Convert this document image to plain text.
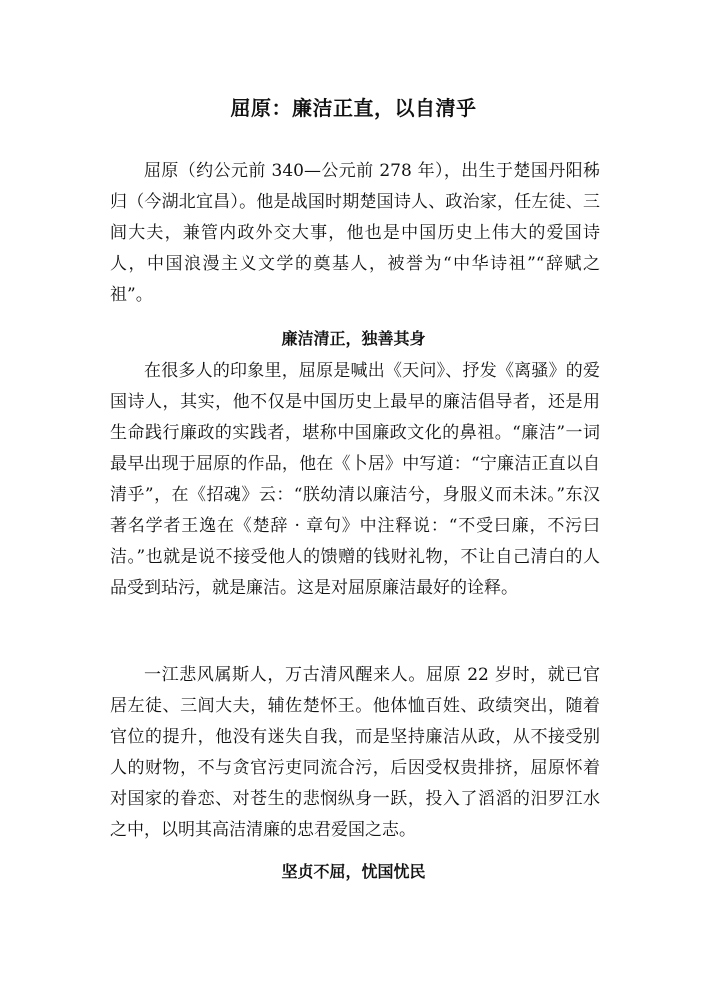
屈原：廉洁正直，以自清乎

屈原（约公元前 340—公元前 278 年），出生于楚国丹阳秭归（今湖北宜昌）。他是战国时期楚国诗人、政治家，任左徒、三闾大夫，兼管内政外交大事，他也是中国历史上伟大的爱国诗人，中国浪漫主义文学的奠基人，被誉为“中华诗祖”“辞赋之祖”。

廉洁清正，独善其身

在很多人的印象里，屈原是喊出《天问》、抒发《离骚》的爱国诗人，其实，他不仅是中国历史上最早的廉洁倡导者，还是用生命践行廉政的实践者，堪称中国廉政文化的鼻祖。“廉洁”一词最早出现于屈原的作品，他在《卜居》中写道：“宁廉洁正直以自清乎”，在《招魂》云：“朕幼清以廉洁兮，身服义而未沫。”东汉著名学者王逸在《楚辞 · 章句》中注释说：“不受曰廉，不污曰洁。”也就是说不接受他人的馈赠的钱财礼物，不让自己清白的人品受到玷污，就是廉洁。这是对屈原廉洁最好的诠释。

一江悲风属斯人，万古清风醒来人。屈原 22 岁时，就已官居左徒、三闾大夫，辅佐楚怀王。他体恤百姓、政绩突出，随着官位的提升，他没有迷失自我，而是坚持廉洁从政，从不接受别人的财物，不与贪官污吏同流合污，后因受权贵排挤，屈原怀着对国家的眷恋、对苍生的悲悯纵身一跃，投入了滔滔的汨罗江水之中，以明其高洁清廉的忠君爱国之志。

坚贞不屈，忧国忧民
